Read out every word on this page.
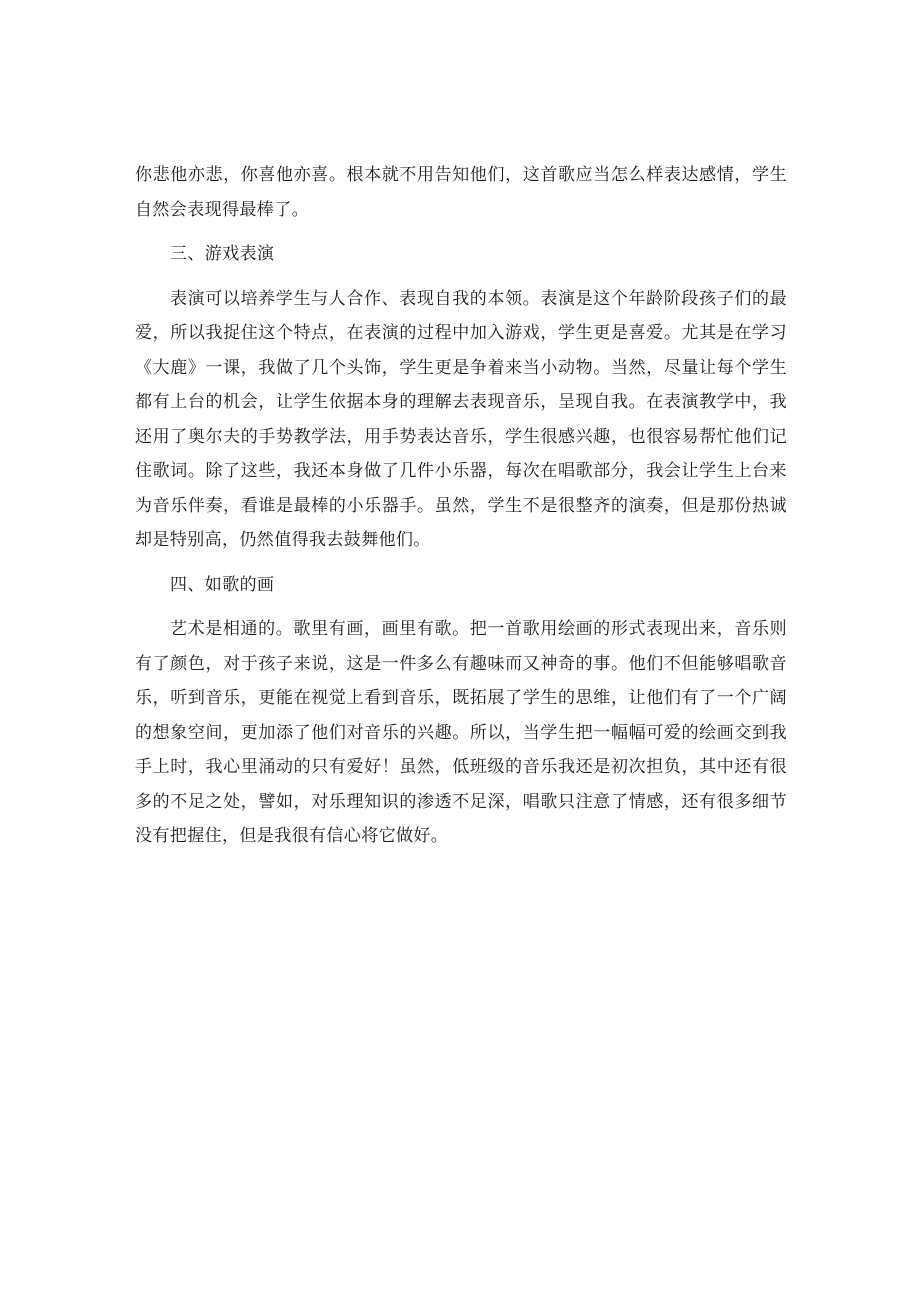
你悲他亦悲，你喜他亦喜。根本就不用告知他们，这首歌应当怎么样表达感情，学生自然会表现得最棒了。

三、游戏表演

表演可以培养学生与人合作、表现自我的本领。表演是这个年龄阶段孩子们的最爱，所以我捉住这个特点，在表演的过程中加入游戏，学生更是喜爱。尤其是在学习《大鹿》一课，我做了几个头饰，学生更是争着来当小动物。当然，尽量让每个学生都有上台的机会，让学生依据本身的理解去表现音乐，呈现自我。在表演教学中，我还用了奥尔夫的手势教学法，用手势表达音乐，学生很感兴趣，也很容易帮忙他们记住歌词。除了这些，我还本身做了几件小乐器，每次在唱歌部分，我会让学生上台来为音乐伴奏，看谁是最棒的小乐器手。虽然，学生不是很整齐的演奏，但是那份热诚却是特别高，仍然值得我去鼓舞他们。

四、如歌的画

艺术是相通的。歌里有画，画里有歌。把一首歌用绘画的形式表现出来，音乐则有了颜色，对于孩子来说，这是一件多么有趣味而又神奇的事。他们不但能够唱歌音乐，听到音乐，更能在视觉上看到音乐，既拓展了学生的思维，让他们有了一个广阔的想象空间，更加添了他们对音乐的兴趣。所以，当学生把一幅幅可爱的绘画交到我手上时，我心里涌动的只有爱好！虽然，低班级的音乐我还是初次担负，其中还有很多的不足之处，譬如，对乐理知识的渗透不足深，唱歌只注意了情感，还有很多细节没有把握住，但是我很有信心将它做好。
